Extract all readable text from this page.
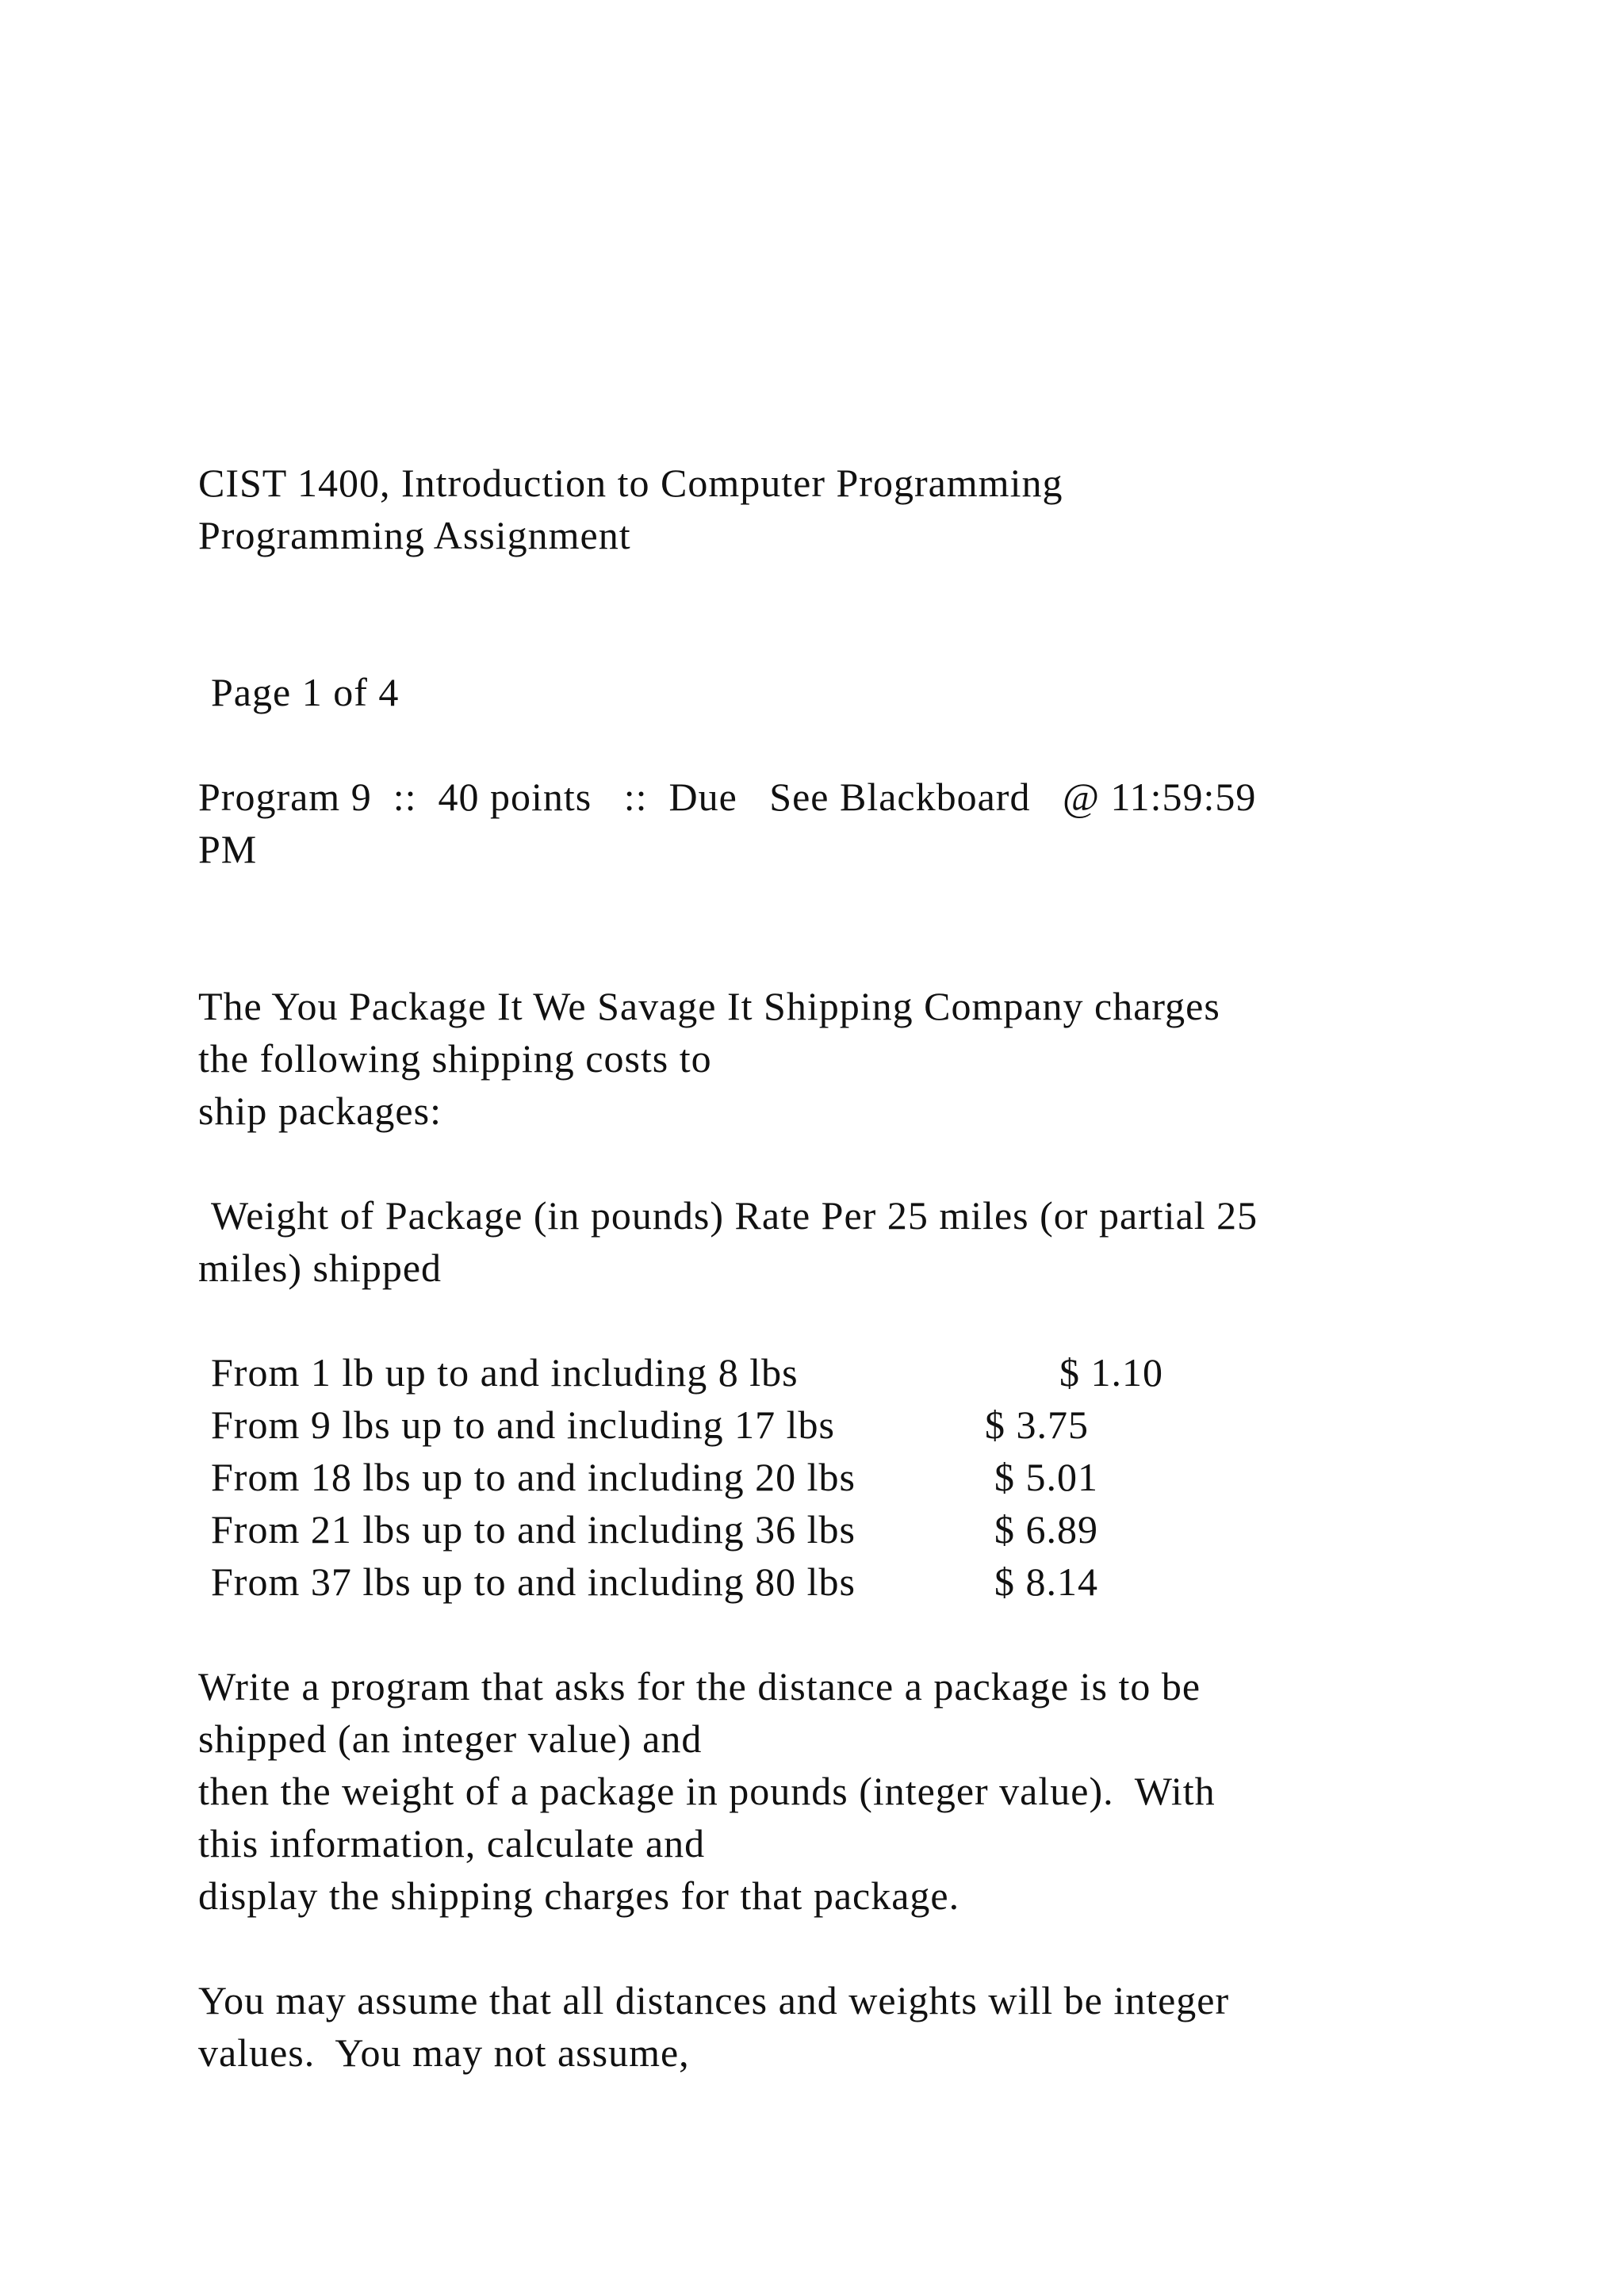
CIST 1400, Introduction to Computer Programming

Programming Assignment

Page 1 of 4

Program 9  ::  40 points   ::  Due   See Blackboard   @ 11:59:59

PM

The You Package It We Savage It Shipping Company charges

the following shipping costs to

ship packages:

Weight of Package (in pounds) Rate Per 25 miles (or partial 25

miles) shipped

From 1 lb up to and including 8 lbs	$ 1.10
From 9 lbs up to and including 17 lbs	$ 3.75
From 18 lbs up to and including 20 lbs	$ 5.01
From 21 lbs up to and including 36 lbs	$ 6.89
From 37 lbs up to and including 80 lbs	$ 8.14

Write a program that asks for the distance a package is to be

shipped (an integer value) and

then the weight of a package in pounds (integer value).  With

this information, calculate and

display the shipping charges for that package.

You may assume that all distances and weights will be integer

values.  You may not assume,
